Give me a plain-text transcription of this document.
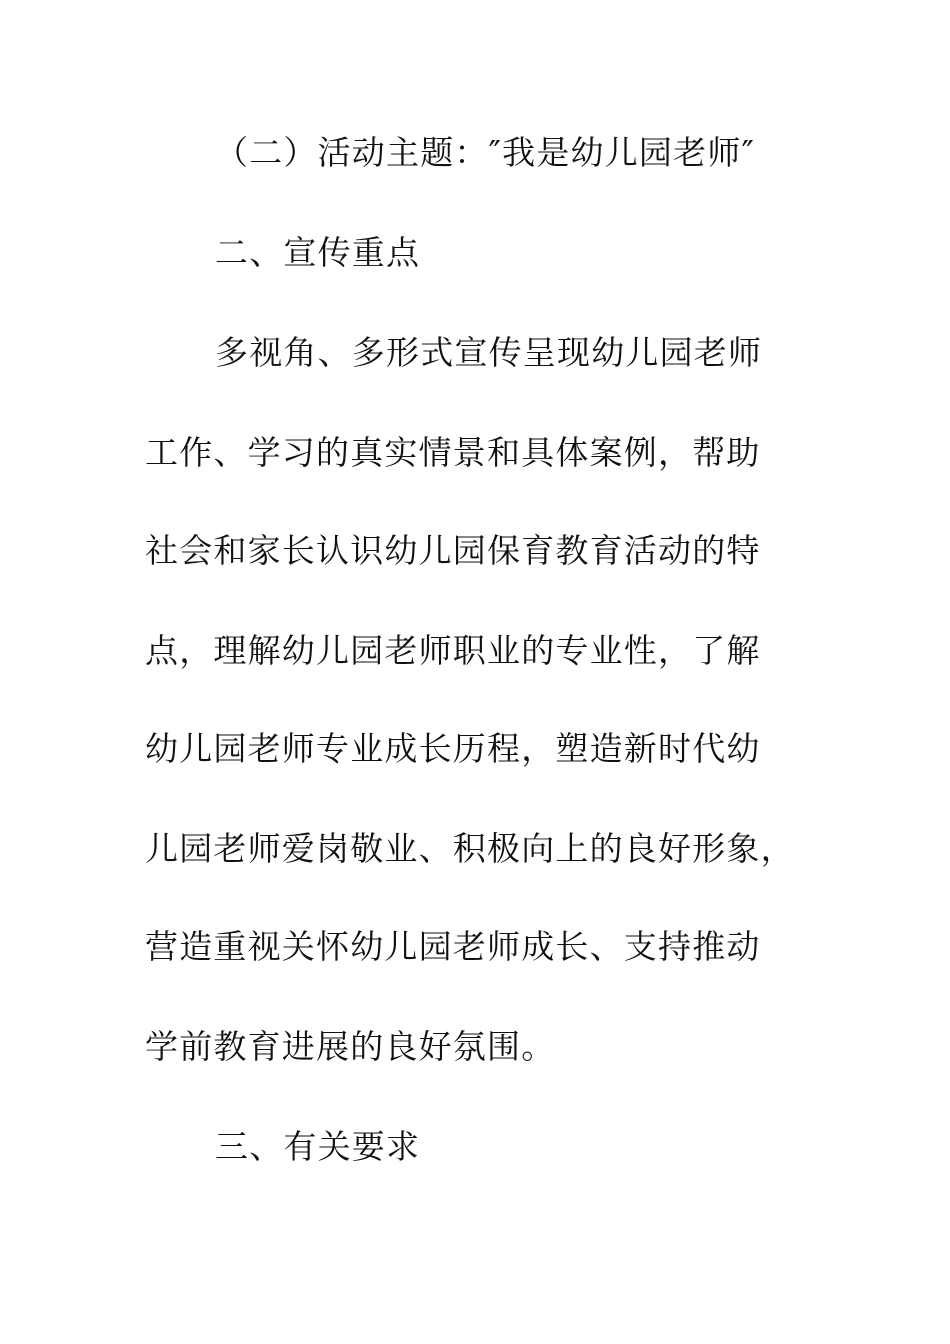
（二）活动主题：″我是幼儿园老师″
二、宣传重点
多视角、多形式宣传呈现幼儿园老师
工作、学习的真实情景和具体案例，帮助
社会和家长认识幼儿园保育教育活动的特
点，理解幼儿园老师职业的专业性，了解
幼儿园老师专业成长历程，塑造新时代幼
儿园老师爱岗敬业、积极向上的良好形象，
营造重视关怀幼儿园老师成长、支持推动
学前教育进展的良好氛围。
三、有关要求
